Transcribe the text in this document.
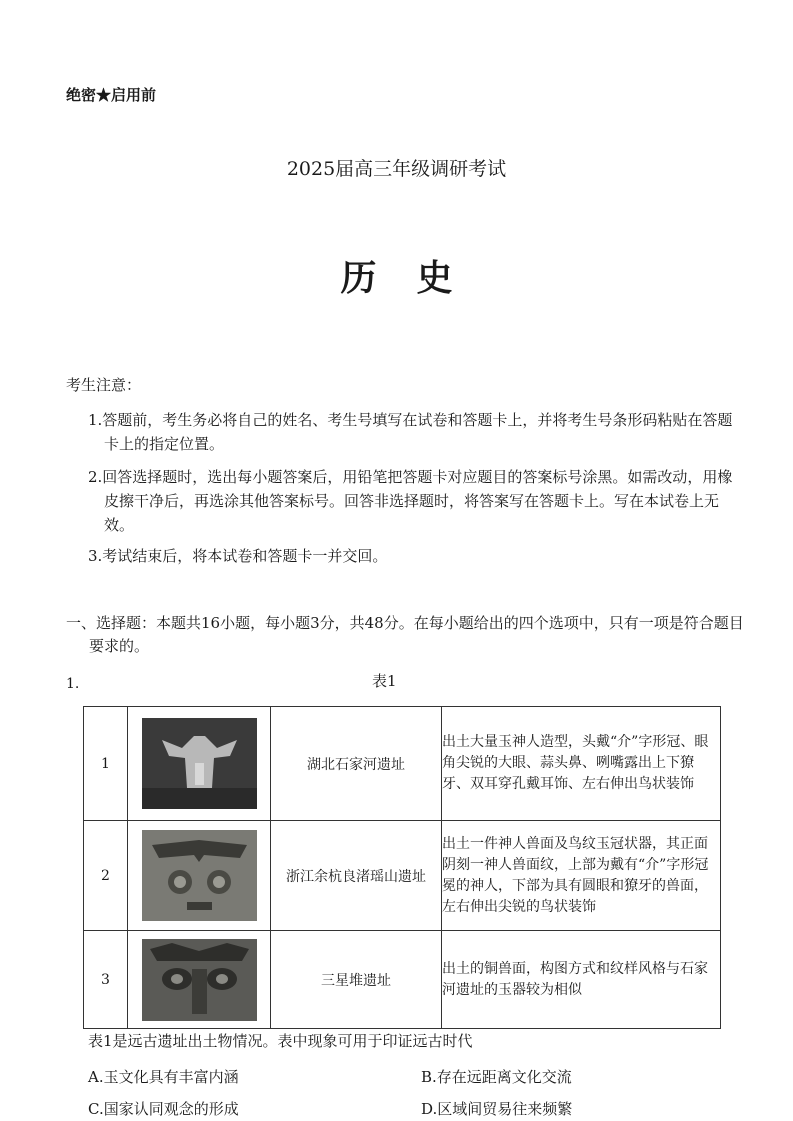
绝密★启用前
2025届高三年级调研考试
历史
考生注意：
1.答题前，考生务必将自己的姓名、考生号填写在试卷和答题卡上，并将考生号条形码粘贴在答题卡上的指定位置。
2.回答选择题时，选出每小题答案后，用铅笔把答题卡对应题目的答案标号涂黑。如需改动，用橡皮擦干净后，再选涂其他答案标号。回答非选择题时，将答案写在答题卡上。写在本试卷上无效。
3.考试结束后，将本试卷和答题卡一并交回。
一、选择题：本题共16小题，每小题3分，共48分。在每小题给出的四个选项中，只有一项是符合题目要求的。
1.	表1
1		湖北石家河遗址	出土大量玉神人造型，头戴“介”字形冠、眼角尖锐的大眼、蒜头鼻、咧嘴露出上下獠牙、双耳穿孔戴耳饰、左右伸出鸟状装饰
2		浙江余杭良渚瑶山遗址	出土一件神人兽面及鸟纹玉冠状器，其正面阴刻一神人兽面纹，上部为戴有“介”字形冠冕的神人，下部为具有圆眼和獠牙的兽面，左右伸出尖锐的鸟状装饰
3		三星堆遗址	出土的铜兽面，构图方式和纹样风格与石家河遗址的玉器较为相似
表1是远古遗址出土物情况。表中现象可用于印证远古时代
A.玉文化具有丰富内涵	B.存在远距离文化交流
C.国家认同观念的形成	D.区域间贸易往来频繁
